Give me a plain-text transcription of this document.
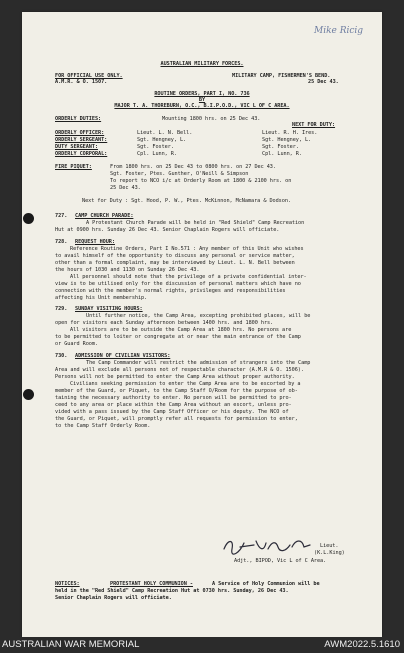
Mike Ricig
AUSTRALIAN MILITARY FORCES.
FOR OFFICIAL USE ONLY.
A.M.R. & O. 1507.
MILITARY CAMP, FISHERMEN'S BEND.
25 Dec 43.
ROUTINE ORDERS, PART I, NO. 736
BY
MAJOR T. A. THOREBURN, O.C., B.I.P.O.D., VIC L OF C AREA.
ORDERLY DUTIES:	Mounting 1800 hrs. on 25 Dec 43.
NEXT FOR DUTY:
ORDERLY OFFICER:	Lieut. L. N. Bell.	Lieut. R. H. Ires.
ORDERLY SERGEANT:	Sgt. Hengney, L.	Sgt. Hengney, L.
DUTY SERGEANT:	Sgt. Foster.	Sgt. Foster.
ORDERLY CORPORAL:	Cpl. Lunn, R.	Cpl. Lunn, R.
FIRE PIQUET:	From 1800 hrs. on 25 Dec 43 to 0800 hrs. on 27 Dec 43.
Sgt. Foster, Ptes. Gunther, O'Neill & Simpson
To report to NCO i/c at Orderly Room at 1800 & 2100 hrs. on
25 Dec 43.
Next for Duty : Sgt. Hood, P. W., Ptes. McKinnon, McNamara & Dodson.
727. CAMP CHURCH PARADE:
A Protestant Church Parade will be held in "Red Shield" Camp Recreation
Hut at 0900 hrs. Sunday 26 Dec 43. Senior Chaplain Rogers will officiate.
728. REQUEST HOUR:
Reference Routine Orders, Part I No.571 : Any member of this Unit who wishes
to avail himself of the opportunity to discuss any personal or service matter,
other than a formal complaint, may be interviewed by Lieut. L. N. Bell between
the hours of 1030 and 1130 on Sunday 26 Dec 43.
All personnel should note that the privilege of a private confidential inter-
view is to be utilised only for the discussion of personal matters which have no
connection with the member's normal rights, privileges and responsibilities
affecting his Unit membership.
729. SUNDAY VISITING HOURS:
Until further notice, the Camp Area, excepting prohibited places, will be
open for visitors each Sunday afternoon between 1400 hrs. and 1800 hrs.
All visitors are to be outside the Camp Area at 1800 hrs. No persons are
to be permitted to loiter or congregate at or near the main entrance of the Camp
or Guard Room.
730. ADMISSION OF CIVILIAN VISITORS:
The Camp Commander will restrict the admission of strangers into the Camp
Area and will exclude all persons not of respectable character (A.M.R & O. 1506).
Persons will not be permitted to enter the Camp Area without proper authority.
Civilians seeking permission to enter the Camp Area are to be escorted by a
member of the Guard, or Piquet, to the Camp Staff O/Room for the purpose of ob-
taining the necessary authority to enter. No person will be permitted to pro-
ceed to any area or place within the Camp Area without an escort, unless pro-
vided with a pass issued by the Camp Staff Officer or his deputy. The NCO of
the Guard, or Piquet, will promptly refer all requests for permission to enter,
to the Camp Staff Orderly Room.
Lieut.
(K.L.King)
Adjt., BIPOD, Vic L of C Area.
NOTICES:	PROTESTANT HOLY COMMUNION -	A Service of Holy Communion will be
held in the "Red Shield" Camp Recreation Hut at 0730 hrs. Sunday, 26 Dec 43.
Senior Chaplain Rogers will officiate.
AUSTRALIAN WAR MEMORIAL	AWM2022.5.1610
